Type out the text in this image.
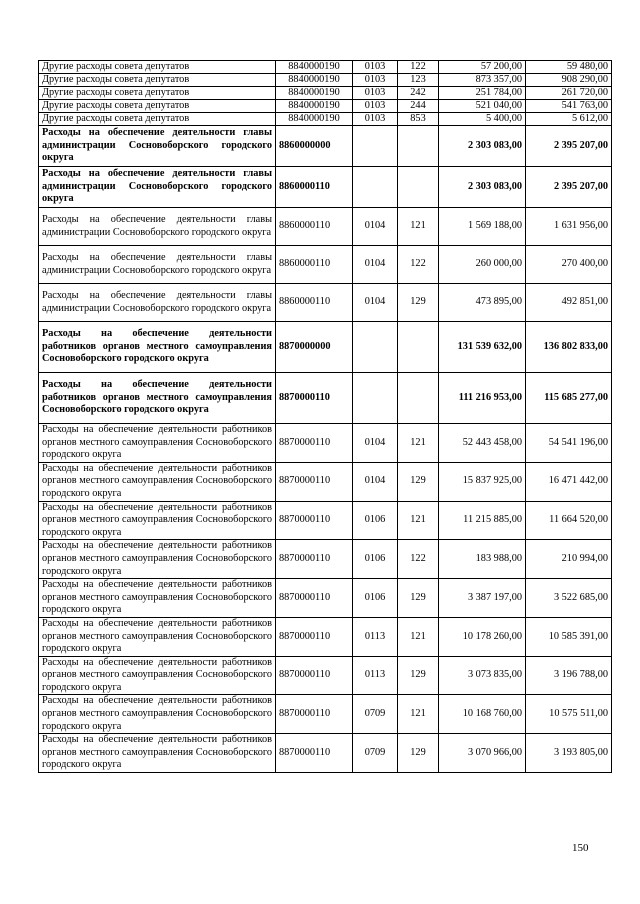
Другие расходы совета депутатов	8840000190	0103	122	57 200,00	59 480,00
Другие расходы совета депутатов	8840000190	0103	123	873 357,00	908 290,00
Другие расходы совета депутатов	8840000190	0103	242	251 784,00	261 720,00
Другие расходы совета депутатов	8840000190	0103	244	521 040,00	541 763,00
Другие расходы совета депутатов	8840000190	0103	853	5 400,00	5 612,00
Расходы на обеспечение деятельности главы администрации Сосновоборского городского округа	8860000000			2 303 083,00	2 395 207,00
Расходы на обеспечение деятельности главы администрации Сосновоборского городского округа	8860000110			2 303 083,00	2 395 207,00
Расходы на обеспечение деятельности главы администрации Сосновоборского городского округа	8860000110	0104	121	1 569 188,00	1 631 956,00
Расходы на обеспечение деятельности главы администрации Сосновоборского городского округа	8860000110	0104	122	260 000,00	270 400,00
Расходы на обеспечение деятельности главы администрации Сосновоборского городского округа	8860000110	0104	129	473 895,00	492 851,00
Расходы на обеспечение деятельности работников органов местного самоуправления Сосновоборского городского округа	8870000000			131 539 632,00	136 802 833,00
Расходы на обеспечение деятельности работников органов местного самоуправления Сосновоборского городского округа	8870000110			111 216 953,00	115 685 277,00
Расходы на обеспечение деятельности работников органов местного самоуправления Сосновоборского городского округа	8870000110	0104	121	52 443 458,00	54 541 196,00
Расходы на обеспечение деятельности работников органов местного самоуправления Сосновоборского городского округа	8870000110	0104	129	15 837 925,00	16 471 442,00
Расходы на обеспечение деятельности работников органов местного самоуправления Сосновоборского городского округа	8870000110	0106	121	11 215 885,00	11 664 520,00
Расходы на обеспечение деятельности работников органов местного самоуправления Сосновоборского городского округа	8870000110	0106	122	183 988,00	210 994,00
Расходы на обеспечение деятельности работников органов местного самоуправления Сосновоборского городского округа	8870000110	0106	129	3 387 197,00	3 522 685,00
Расходы на обеспечение деятельности работников органов местного самоуправления Сосновоборского городского округа	8870000110	0113	121	10 178 260,00	10 585 391,00
Расходы на обеспечение деятельности работников органов местного самоуправления Сосновоборского городского округа	8870000110	0113	129	3 073 835,00	3 196 788,00
Расходы на обеспечение деятельности работников органов местного самоуправления Сосновоборского городского округа	8870000110	0709	121	10 168 760,00	10 575 511,00
Расходы на обеспечение деятельности работников органов местного самоуправления Сосновоборского городского округа	8870000110	0709	129	3 070 966,00	3 193 805,00
150
